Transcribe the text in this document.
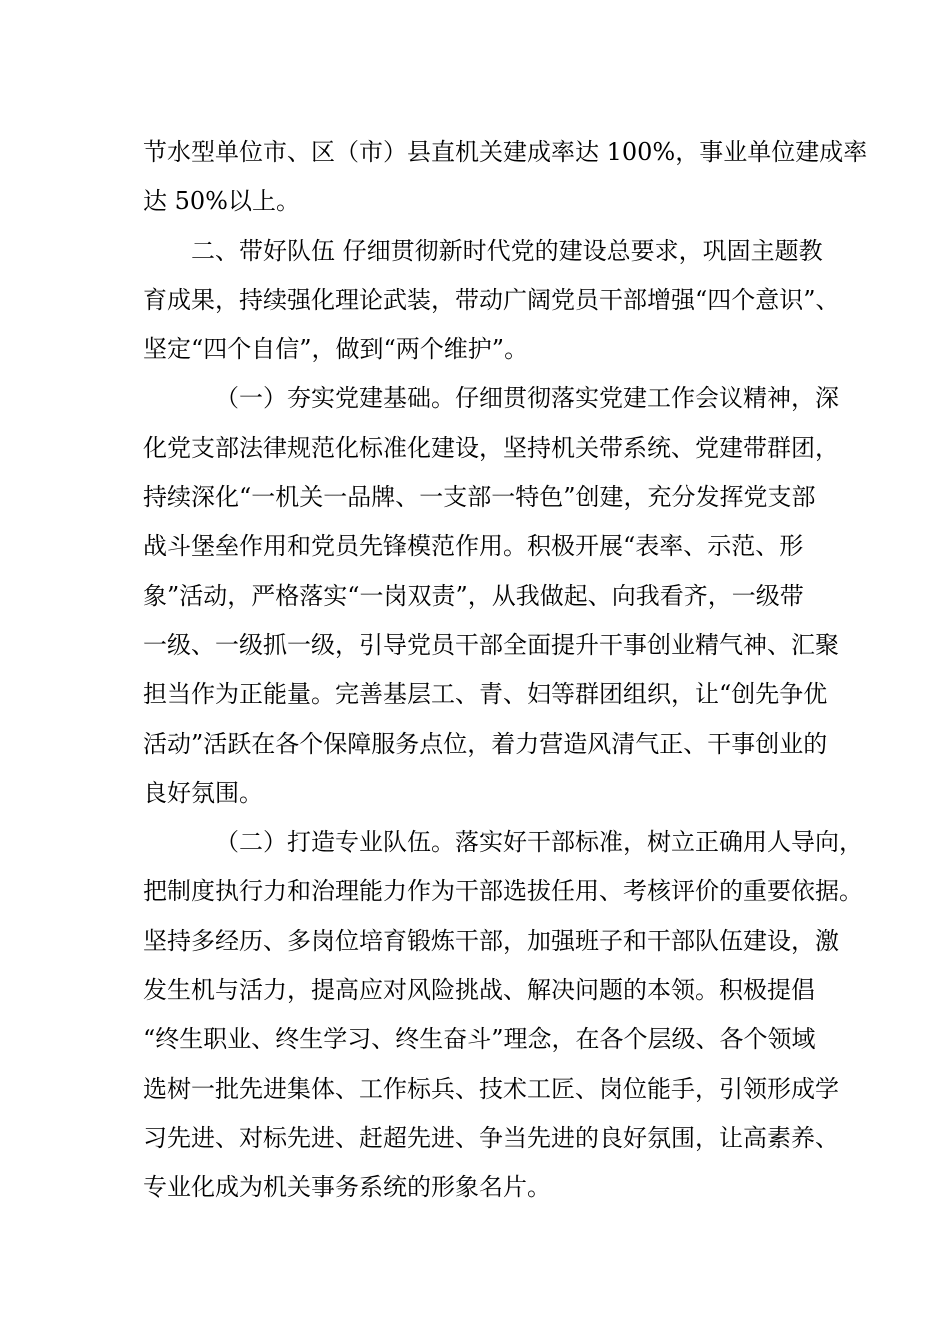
节水型单位市、区（市）县直机关建成率达 100%，事业单位建成率
达 50%以上。
二、带好队伍 仔细贯彻新时代党的建设总要求，巩固主题教
育成果，持续强化理论武装，带动广阔党员干部增强“四个意识”、
坚定“四个自信”，做到“两个维护”。
（一）夯实党建基础。仔细贯彻落实党建工作会议精神，深
化党支部法律规范化标准化建设，坚持机关带系统、党建带群团，
持续深化“一机关一品牌、一支部一特色”创建，充分发挥党支部
战斗堡垒作用和党员先锋模范作用。积极开展“表率、示范、形
象”活动，严格落实“一岗双责”，从我做起、向我看齐，一级带
一级、一级抓一级，引导党员干部全面提升干事创业精气神、汇聚
担当作为正能量。完善基层工、青、妇等群团组织，让“创先争优
活动”活跃在各个保障服务点位，着力营造风清气正、干事创业的
良好氛围。
（二）打造专业队伍。落实好干部标准，树立正确用人导向，
把制度执行力和治理能力作为干部选拔任用、考核评价的重要依据。
坚持多经历、多岗位培育锻炼干部，加强班子和干部队伍建设，激
发生机与活力，提高应对风险挑战、解决问题的本领。积极提倡
“终生职业、终生学习、终生奋斗”理念，在各个层级、各个领域
选树一批先进集体、工作标兵、技术工匠、岗位能手，引领形成学
习先进、对标先进、赶超先进、争当先进的良好氛围，让高素养、
专业化成为机关事务系统的形象名片。
